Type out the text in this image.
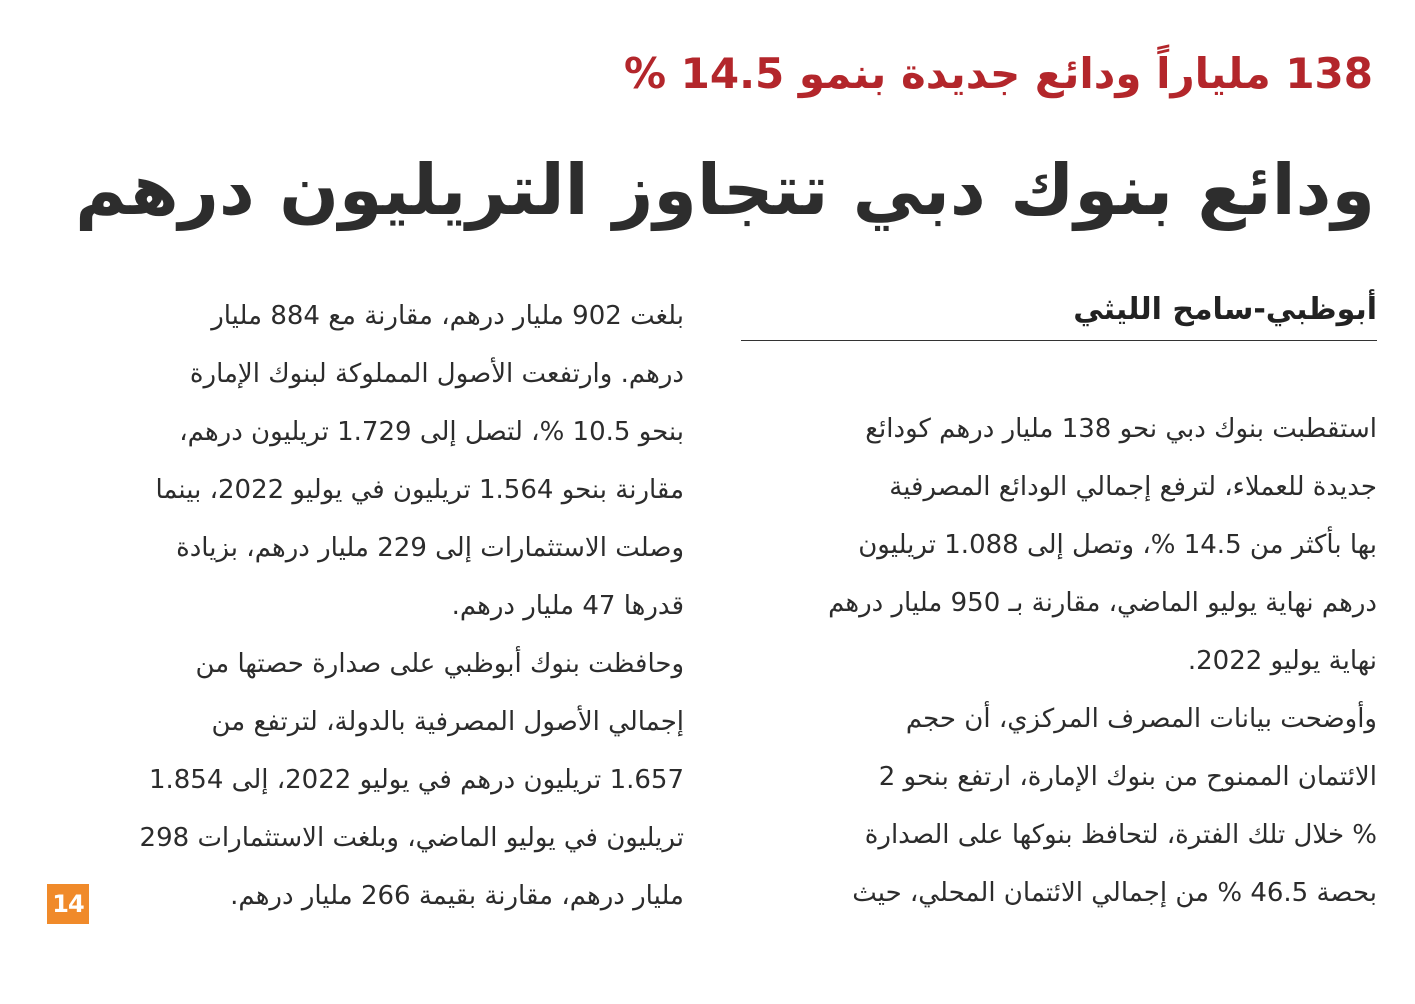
138 ملياراً ودائع جديدة بنمو 14.5 %
ودائع بنوك دبي تتجاوز التريليون درهم
أبوظبي-سامح الليثي
استقطبت بنوك دبي نحو 138 مليار درهم كودائع
جديدة للعملاء، لترفع إجمالي الودائع المصرفية
بها بأكثر من 14.5 %، وتصل إلى 1.088 تريليون
درهم نهاية يوليو الماضي، مقارنة بـ 950 مليار درهم
نهاية يوليو 2022.
وأوضحت بيانات المصرف المركزي، أن حجم
الائتمان الممنوح من بنوك الإمارة، ارتفع بنحو 2
% خلال تلك الفترة، لتحافظ بنوكها على الصدارة
بحصة 46.5 % من إجمالي الائتمان المحلي، حيث
بلغت 902 مليار درهم، مقارنة مع 884 مليار
درهم. وارتفعت الأصول المملوكة لبنوك الإمارة
بنحو 10.5 %، لتصل إلى 1.729 تريليون درهم،
مقارنة بنحو 1.564 تريليون في يوليو 2022، بينما
وصلت الاستثمارات إلى 229 مليار درهم، بزيادة
قدرها 47 مليار درهم.
وحافظت بنوك أبوظبي على صدارة حصتها من
إجمالي الأصول المصرفية بالدولة، لترتفع من
1.657 تريليون درهم في يوليو 2022، إلى 1.854
تريليون في يوليو الماضي، وبلغت الاستثمارات 298
مليار درهم، مقارنة بقيمة 266 مليار درهم.
14
